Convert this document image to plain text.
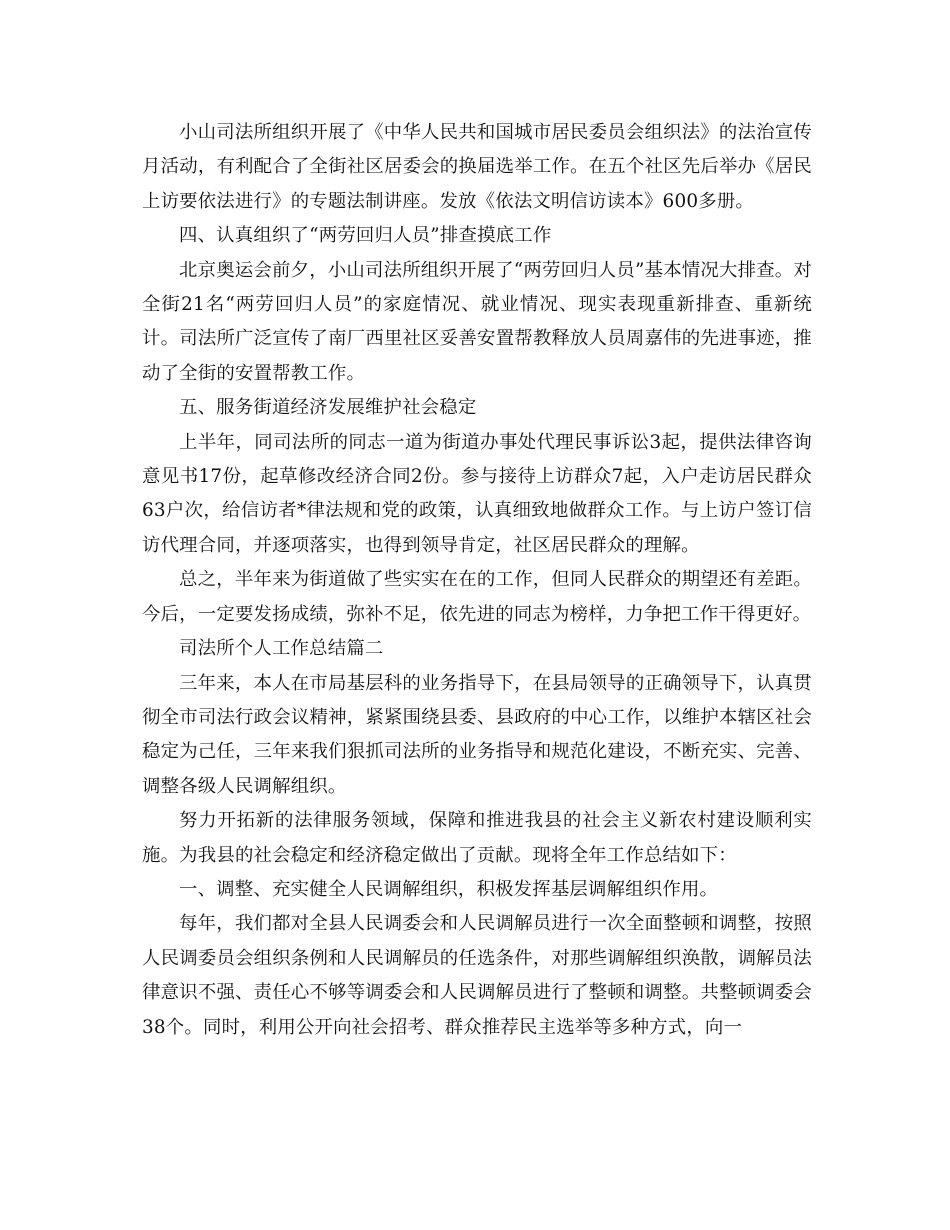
小山司法所组织开展了《中华人民共和国城市居民委员会组织法》的法治宣传月活动，有利配合了全街社区居委会的换届选举工作。在五个社区先后举办《居民上访要依法进行》的专题法制讲座。发放《依法文明信访读本》600多册。

四、认真组织了“两劳回归人员”排查摸底工作

北京奥运会前夕，小山司法所组织开展了“两劳回归人员”基本情况大排查。对全街21名“两劳回归人员”的家庭情况、就业情况、现实表现重新排查、重新统计。司法所广泛宣传了南厂西里社区妥善安置帮教释放人员周嘉伟的先进事迹，推动了全街的安置帮教工作。

五、服务街道经济发展维护社会稳定

上半年，同司法所的同志一道为街道办事处代理民事诉讼3起，提供法律咨询意见书17份，起草修改经济合同2份。参与接待上访群众7起，入户走访居民群众63户次，给信访者*律法规和党的政策，认真细致地做群众工作。与上访户签订信访代理合同，并逐项落实，也得到领导肯定，社区居民群众的理解。

总之，半年来为街道做了些实实在在的工作，但同人民群众的期望还有差距。今后，一定要发扬成绩，弥补不足，依先进的同志为榜样，力争把工作干得更好。

司法所个人工作总结篇二

三年来，本人在市局基层科的业务指导下，在县局领导的正确领导下，认真贯彻全市司法行政会议精神，紧紧围绕县委、县政府的中心工作，以维护本辖区社会稳定为己任，三年来我们狠抓司法所的业务指导和规范化建设，不断充实、完善、调整各级人民调解组织。

努力开拓新的法律服务领域，保障和推进我县的社会主义新农村建设顺利实施。为我县的社会稳定和经济稳定做出了贡献。现将全年工作总结如下：

一、调整、充实健全人民调解组织，积极发挥基层调解组织作用。

每年，我们都对全县人民调委会和人民调解员进行一次全面整顿和调整，按照人民调委员会组织条例和人民调解员的任选条件，对那些调解组织涣散，调解员法律意识不强、责任心不够等调委会和人民调解员进行了整顿和调整。共整顿调委会38个。同时，利用公开向社会招考、群众推荐民主选举等多种方式，向一
